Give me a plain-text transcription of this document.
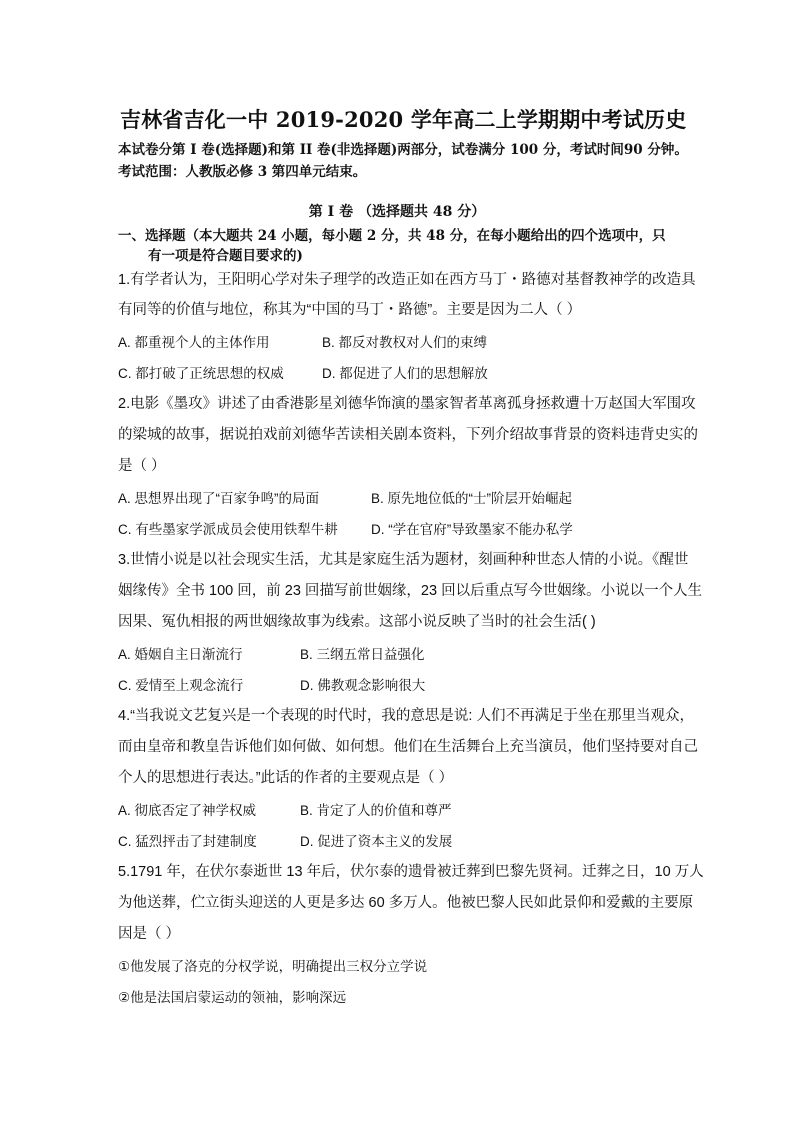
吉林省吉化一中 2019-2020 学年高二上学期期中考试历史
本试卷分第 I 卷(选择题)和第 II 卷(非选择题)两部分，试卷满分 100 分，考试时间90 分钟。
考试范围：人教版必修 3 第四单元结束。
第 I 卷 （选择题共 48 分）
一、选择题（本大题共 24 小题，每小题 2 分，共 48 分，在每小题给出的四个选项中，只
有一项是符合题目要求的)
1.有学者认为，王阳明心学对朱子理学的改造正如在西方马丁・路德对基督教神学的改造具
有同等的价值与地位，称其为“中国的马丁・路德”。主要是因为二人（ ）
A. 都重视个人的主体作用	B. 都反对教权对人们的束缚
C. 都打破了正统思想的权威	D. 都促进了人们的思想解放
2.电影《墨攻》讲述了由香港影星刘德华饰演的墨家智者革离孤身拯救遭十万赵国大军围攻
的梁城的故事，据说拍戏前刘德华苦读相关剧本资料，下列介绍故事背景的资料违背史实的
是（ ）
A. 思想界出现了“百家争鸣”的局面	B. 原先地位低的“士”阶层开始崛起
C. 有些墨家学派成员会使用铁犁牛耕 D. “学在官府”导致墨家不能办私学
3.世情小说是以社会现实生活，尤其是家庭生活为题材，刻画种种世态人情的小说。《醒世
姻缘传》全书 100 回，前 23 回描写前世姻缘，23 回以后重点写今世姻缘。小说以一个人生
因果、冤仇相报的两世姻缘故事为线索。这部小说反映了当时的社会生活( )
A. 婚姻自主日渐流行	B. 三纲五常日益强化
C. 爱情至上观念流行	D. 佛教观念影响很大
4.“当我说文艺复兴是一个表现的时代时，我的意思是说: 人们不再满足于坐在那里当观众，
而由皇帝和教皇告诉他们如何做、如何想。他们在生活舞台上充当演员，他们坚持要对自己
个人的思想进行表达。”此话的作者的主要观点是（ ）
A. 彻底否定了神学权威	B. 肯定了人的价值和尊严
C. 猛烈抨击了封建制度	D. 促进了资本主义的发展
5.1791 年，在伏尔泰逝世 13 年后，伏尔泰的遗骨被迁葬到巴黎先贤祠。迁葬之日，10 万人
为他送葬，伫立街头迎送的人更是多达 60 多万人。他被巴黎人民如此景仰和爱戴的主要原
因是（ ）
①他发展了洛克的分权学说，明确提出三权分立学说
②他是法国启蒙运动的领袖，影响深远
